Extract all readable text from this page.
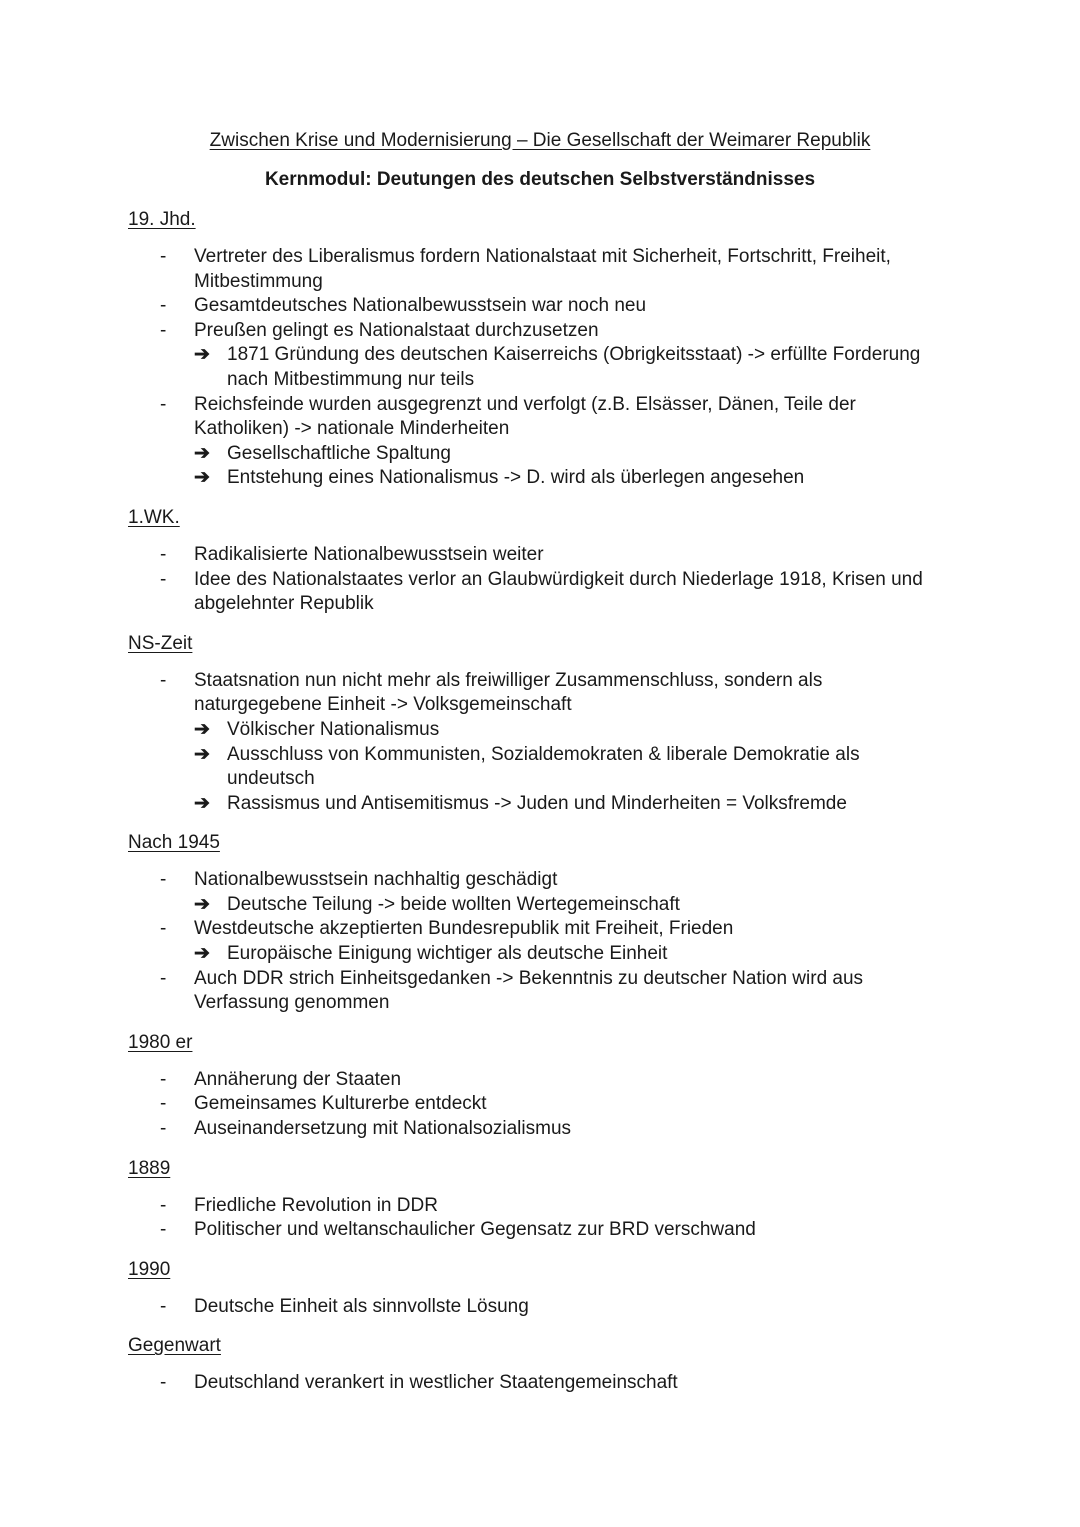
Zwischen Krise und Modernisierung – Die Gesellschaft der Weimarer Republik
Kernmodul: Deutungen des deutschen Selbstverständnisses
19. Jhd.
- Vertreter des Liberalismus fordern Nationalstaat mit Sicherheit, Fortschritt, Freiheit, Mitbestimmung
- Gesamtdeutsches Nationalbewusstsein war noch neu
- Preußen gelingt es Nationalstaat durchzusetzen
➔ 1871 Gründung des deutschen Kaiserreichs (Obrigkeitsstaat) -> erfüllte Forderung nach Mitbestimmung nur teils
- Reichsfeinde wurden ausgegrenzt und verfolgt (z.B. Elsässer, Dänen, Teile der Katholiken) -> nationale Minderheiten
➔ Gesellschaftliche Spaltung
➔ Entstehung eines Nationalismus -> D. wird als überlegen angesehen
1.WK.
- Radikalisierte Nationalbewusstsein weiter
- Idee des Nationalstaates verlor an Glaubwürdigkeit durch Niederlage 1918, Krisen und abgelehnter Republik
NS-Zeit
- Staatsnation nun nicht mehr als freiwilliger Zusammenschluss, sondern als naturgegebene Einheit -> Volksgemeinschaft
➔ Völkischer Nationalismus
➔ Ausschluss von Kommunisten, Sozialdemokraten & liberale Demokratie als undeutsch
➔ Rassismus und Antisemitismus -> Juden und Minderheiten = Volksfremde
Nach 1945
- Nationalbewusstsein nachhaltig geschädigt
➔ Deutsche Teilung -> beide wollten Wertegemeinschaft
- Westdeutsche akzeptierten Bundesrepublik mit Freiheit, Frieden
➔ Europäische Einigung wichtiger als deutsche Einheit
- Auch DDR strich Einheitsgedanken -> Bekenntnis zu deutscher Nation wird aus Verfassung genommen
1980 er
- Annäherung der Staaten
- Gemeinsames Kulturerbe entdeckt
- Auseinandersetzung mit Nationalsozialismus
1889
- Friedliche Revolution in DDR
- Politischer und weltanschaulicher Gegensatz zur BRD verschwand
1990
- Deutsche Einheit als sinnvollste Lösung
Gegenwart
- Deutschland verankert in westlicher Staatengemeinschaft
